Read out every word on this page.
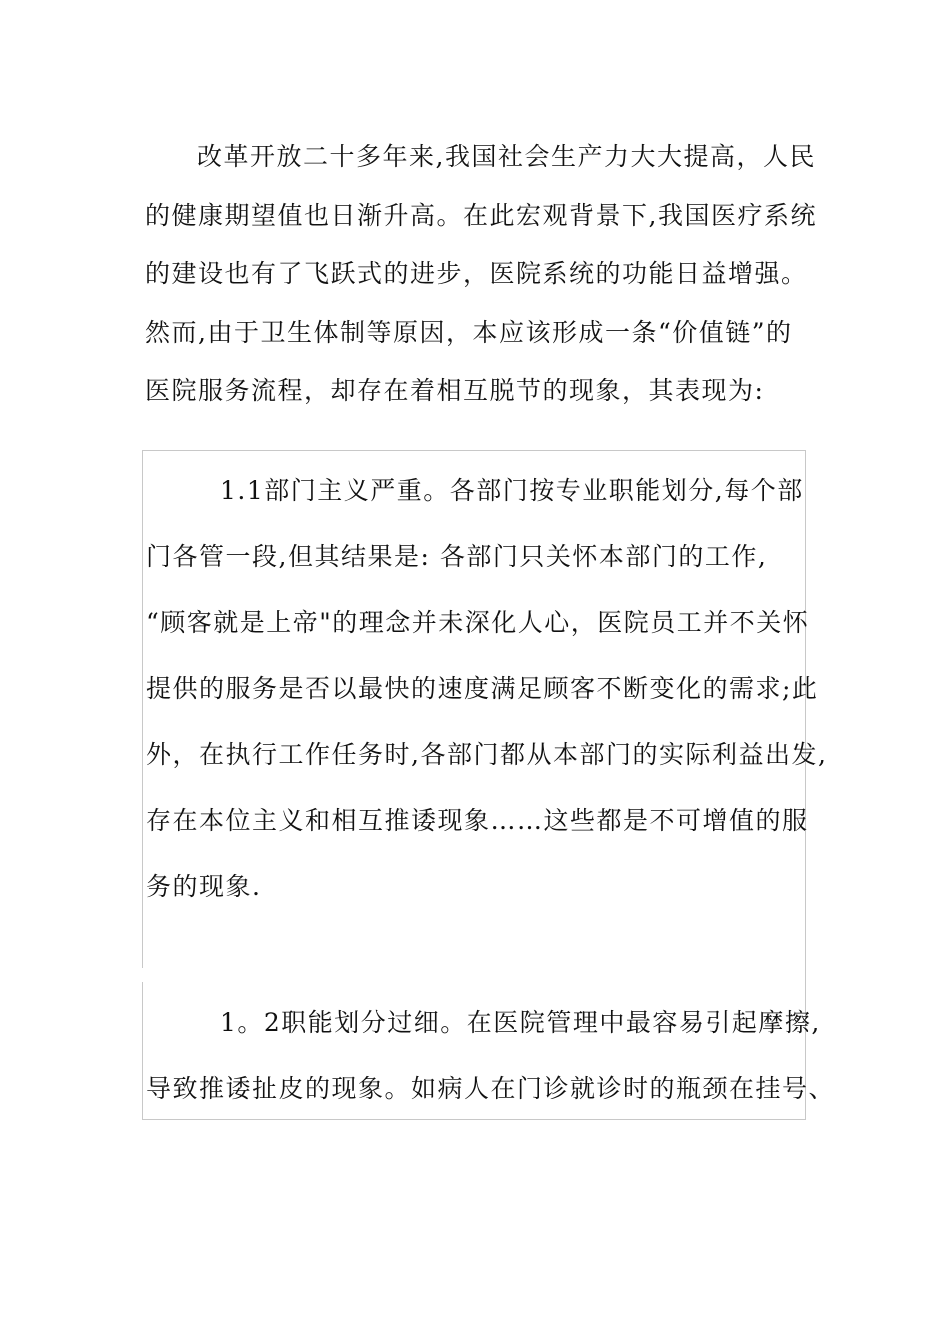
改革开放二十多年来,我国社会生产力大大提高，人民
的健康期望值也日渐升高。在此宏观背景下,我国医疗系统
的建设也有了飞跃式的进步，医院系统的功能日益增强。
然而,由于卫生体制等原因，本应该形成一条“价值链”的
医院服务流程，却存在着相互脱节的现象，其表现为:
1.1部门主义严重。各部门按专业职能划分,每个部
门各管一段,但其结果是: 各部门只关怀本部门的工作,
“顾客就是上帝"的理念并未深化人心，医院员工并不关怀
提供的服务是否以最快的速度满足顾客不断变化的需求;此
外，在执行工作任务时,各部门都从本部门的实际利益出发,
存在本位主义和相互推诿现象……这些都是不可增值的服
务的现象.
1。2职能划分过细。在医院管理中最容易引起摩擦,
导致推诿扯皮的现象。如病人在门诊就诊时的瓶颈在挂号、
